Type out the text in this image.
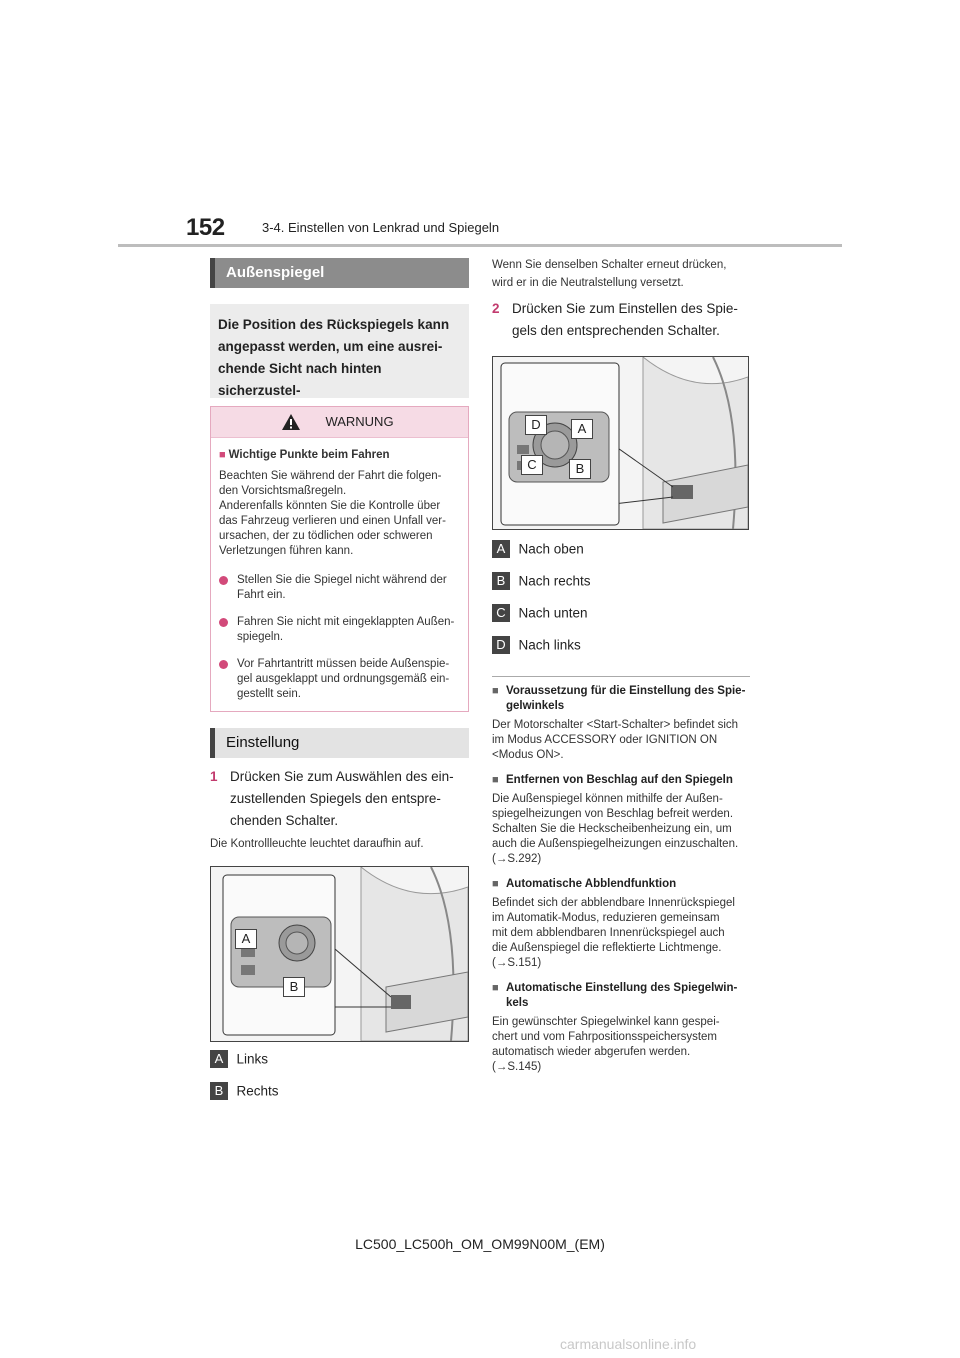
152	3-4. Einstellen von Lenkrad und Spiegeln
Außenspiegel
Die Position des Rückspiegels kann
angepasst werden, um eine ausrei-
chende Sicht nach hinten sicherzustel-
WARNUNG
■ Wichtige Punkte beim Fahren
Beachten Sie während der Fahrt die folgen-
den Vorsichtsmaßregeln.
Anderenfalls könnten Sie die Kontrolle über
das Fahrzeug verlieren und einen Unfall ver-
ursachen, der zu tödlichen oder schweren
Verletzungen führen kann.
Stellen Sie die Spiegel nicht während der
Fahrt ein.
Fahren Sie nicht mit eingeklappten Außen-
spiegeln.
Vor Fahrtantritt müssen beide Außenspie-
gel ausgeklappt und ordnungsgemäß ein-
gestellt sein.
Einstellung
1 Drücken Sie zum Auswählen des ein-
zustellenden Spiegels den entspre-
chenden Schalter.
Die Kontrollleuchte leuchtet daraufhin auf.
A
B
A Links
B Rechts
Wenn Sie denselben Schalter erneut drücken,
wird er in die Neutralstellung versetzt.
2 Drücken Sie zum Einstellen des Spie-
gels den entsprechenden Schalter.
D	A
C	B
A Nach oben
B Nach rechts
C Nach unten
D Nach links
■ Voraussetzung für die Einstellung des Spie-
gelwinkels
Der Motorschalter <Start-Schalter> befindet sich
im Modus ACCESSORY oder IGNITION ON
<Modus ON>.
■ Entfernen von Beschlag auf den Spiegeln
Die Außenspiegel können mithilfe der Außen-
spiegelheizungen von Beschlag befreit werden.
Schalten Sie die Heckscheibenheizung ein, um
auch die Außenspiegelheizungen einzuschalten.
(→S.292)
■ Automatische Abblendfunktion
Befindet sich der abblendbare Innenrückspiegel
im Automatik-Modus, reduzieren gemeinsam
mit dem abblendbaren Innenrückspiegel auch
die Außenspiegel die reflektierte Lichtmenge.
(→S.151)
■ Automatische Einstellung des Spiegelwin-
kels
Ein gewünschter Spiegelwinkel kann gespei-
chert und vom Fahrpositionsspeichersystem
automatisch wieder abgerufen werden.
(→S.145)
LC500_LC500h_OM_OM99N00M_(EM)
carmanualsonline.info
